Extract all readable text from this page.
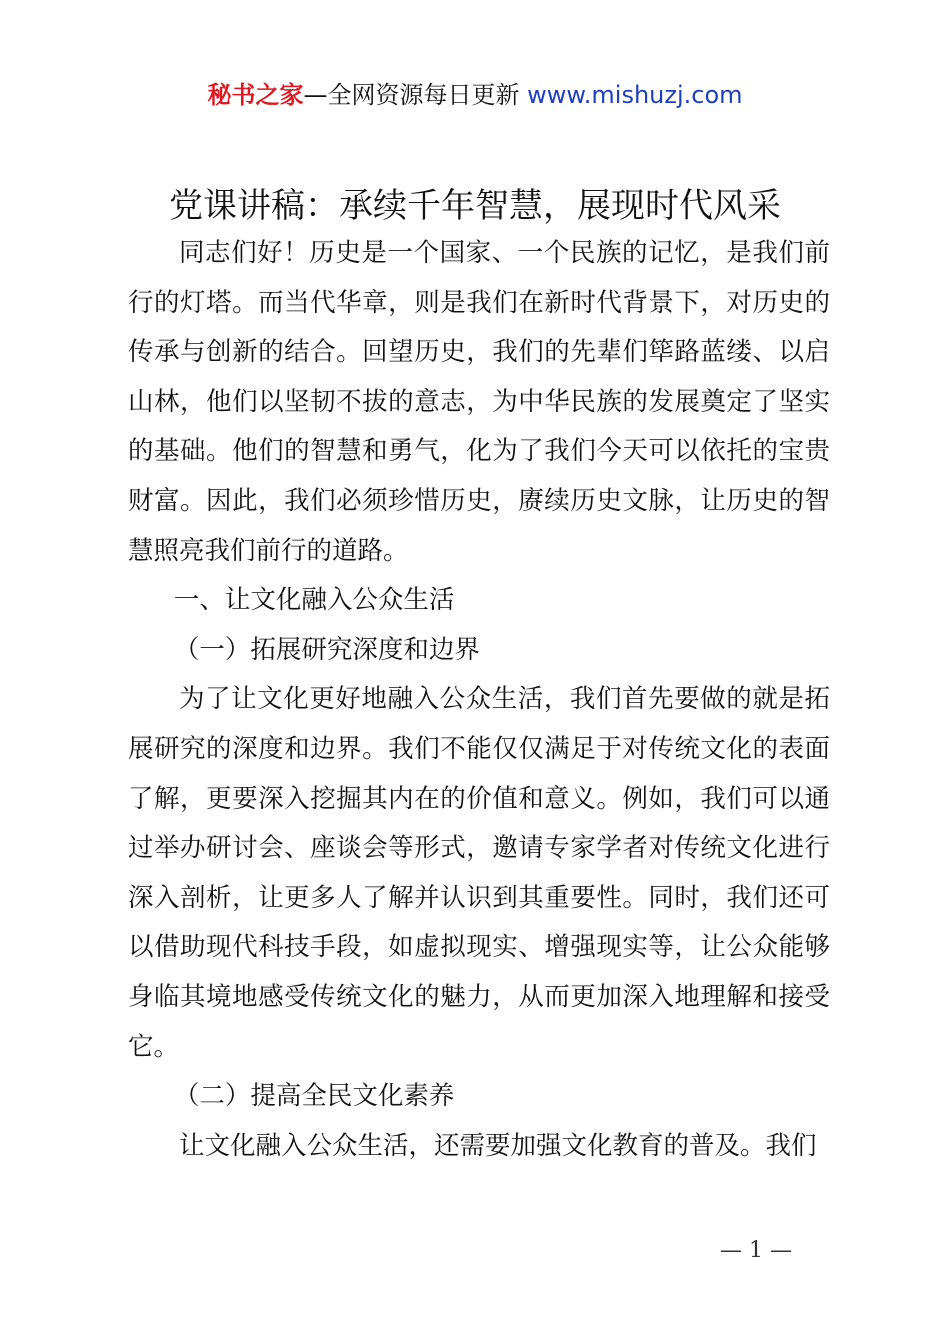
秘书之家—全网资源每日更新 www.mishuzj.com
党课讲稿：承续千年智慧，展现时代风采

同志们好！历史是一个国家、一个民族的记忆，是我们前行的灯塔。而当代华章，则是我们在新时代背景下，对历史的传承与创新的结合。回望历史，我们的先辈们筚路蓝缕、以启山林，他们以坚韧不拔的意志，为中华民族的发展奠定了坚实的基础。他们的智慧和勇气，化为了我们今天可以依托的宝贵财富。因此，我们必须珍惜历史，赓续历史文脉，让历史的智慧照亮我们前行的道路。

一、让文化融入公众生活

（一）拓展研究深度和边界

为了让文化更好地融入公众生活，我们首先要做的就是拓展研究的深度和边界。我们不能仅仅满足于对传统文化的表面了解，更要深入挖掘其内在的价值和意义。例如，我们可以通过举办研讨会、座谈会等形式，邀请专家学者对传统文化进行深入剖析，让更多人了解并认识到其重要性。同时，我们还可以借助现代科技手段，如虚拟现实、增强现实等，让公众能够身临其境地感受传统文化的魅力，从而更加深入地理解和接受它。

（二）提高全民文化素养

让文化融入公众生活，还需要加强文化教育的普及。我们

— 1 —
